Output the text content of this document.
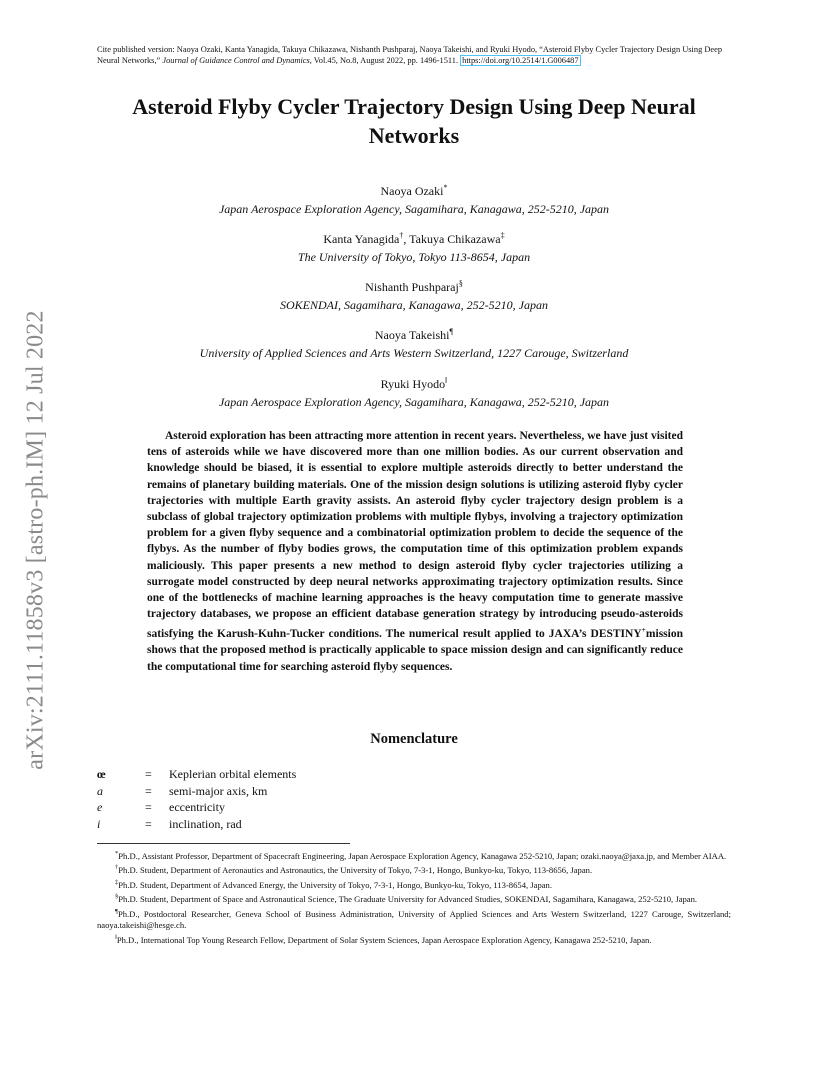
Cite published version: Naoya Ozaki, Kanta Yanagida, Takuya Chikazawa, Nishanth Pushparaj, Naoya Takeishi, and Ryuki Hyodo, “Asteroid Flyby Cycler Trajectory Design Using Deep Neural Networks,” Journal of Guidance Control and Dynamics, Vol.45, No.8, August 2022, pp. 1496-1511. https://doi.org/10.2514/1.G006487
Asteroid Flyby Cycler Trajectory Design Using Deep Neural Networks
arXiv:2111.11858v3 [astro-ph.IM] 12 Jul 2022
Naoya Ozaki*
Japan Aerospace Exploration Agency, Sagamihara, Kanagawa, 252-5210, Japan
Kanta Yanagida†, Takuya Chikazawa‡
The University of Tokyo, Tokyo 113-8654, Japan
Nishanth Pushparaj§
SOKENDAI, Sagamihara, Kanagawa, 252-5210, Japan
Naoya Takeishi¶
University of Applied Sciences and Arts Western Switzerland, 1227 Carouge, Switzerland
Ryuki Hyodo‖
Japan Aerospace Exploration Agency, Sagamihara, Kanagawa, 252-5210, Japan
Asteroid exploration has been attracting more attention in recent years. Nevertheless, we have just visited tens of asteroids while we have discovered more than one million bodies. As our current observation and knowledge should be biased, it is essential to explore multiple asteroids directly to better understand the remains of planetary building materials. One of the mission design solutions is utilizing asteroid flyby cycler trajectories with multiple Earth gravity assists. An asteroid flyby cycler trajectory design problem is a subclass of global trajectory optimization problems with multiple flybys, involving a trajectory optimization problem for a given flyby sequence and a combinatorial optimization problem to decide the sequence of the flybys. As the number of flyby bodies grows, the computation time of this optimization problem expands maliciously. This paper presents a new method to design asteroid flyby cycler trajectories utilizing a surrogate model constructed by deep neural networks approximating trajectory optimization results. Since one of the bottlenecks of machine learning approaches is the heavy computation time to generate massive trajectory databases, we propose an efficient database generation strategy by introducing pseudo-asteroids satisfying the Karush-Kuhn-Tucker conditions. The numerical result applied to JAXA’s DESTINY+mission shows that the proposed method is practically applicable to space mission design and can significantly reduce the computational time for searching asteroid flyby sequences.
Nomenclature
œ	=	Keplerian orbital elements
a	=	semi-major axis, km
e	=	eccentricity
i	=	inclination, rad
*Ph.D., Assistant Professor, Department of Spacecraft Engineering, Japan Aerospace Exploration Agency, Kanagawa 252-5210, Japan; ozaki.naoya@jaxa.jp, and Member AIAA.
†Ph.D. Student, Department of Aeronautics and Astronautics, the University of Tokyo, 7-3-1, Hongo, Bunkyo-ku, Tokyo, 113-8656, Japan.
‡Ph.D. Student, Department of Advanced Energy, the University of Tokyo, 7-3-1, Hongo, Bunkyo-ku, Tokyo, 113-8654, Japan.
§Ph.D. Student, Department of Space and Astronautical Science, The Graduate University for Advanced Studies, SOKENDAI, Sagamihara, Kanagawa, 252-5210, Japan.
¶Ph.D., Postdoctoral Researcher, Geneva School of Business Administration, University of Applied Sciences and Arts Western Switzerland, 1227 Carouge, Switzerland; naoya.takeishi@hesge.ch.
‖Ph.D., International Top Young Research Fellow, Department of Solar System Sciences, Japan Aerospace Exploration Agency, Kanagawa 252-5210, Japan.
